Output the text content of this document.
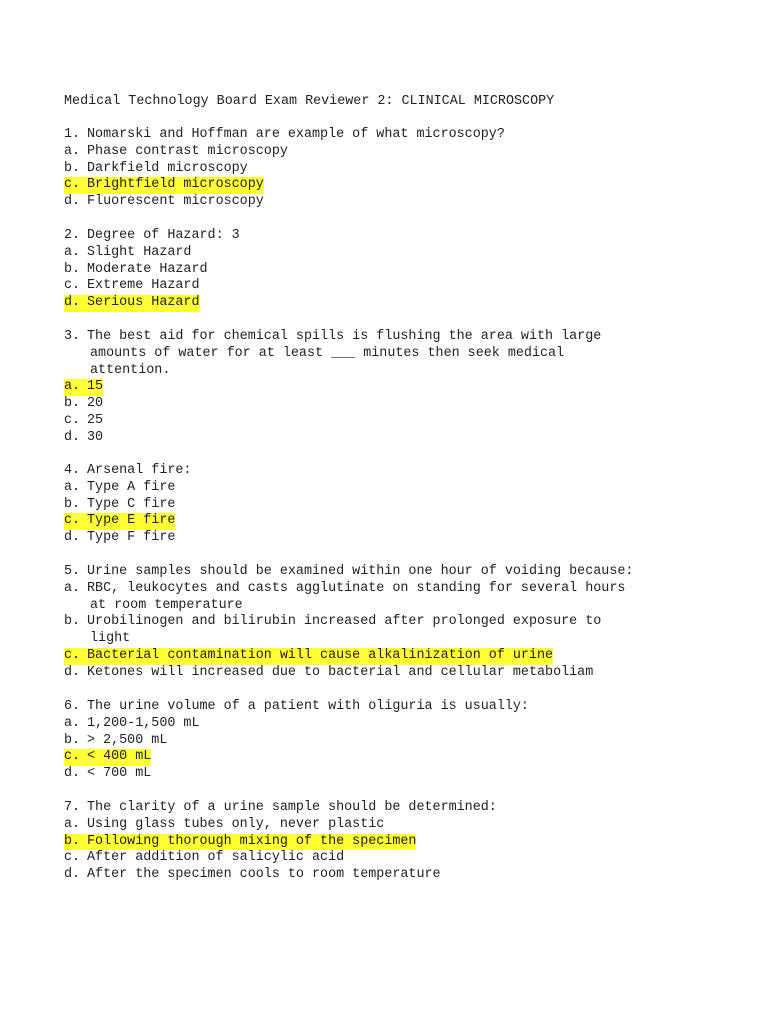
Medical Technology Board Exam Reviewer 2: CLINICAL MICROSCOPY
1. Nomarski and Hoffman are example of what microscopy?
a. Phase contrast microscopy
b. Darkfield microscopy
c. Brightfield microscopy
d. Fluorescent microscopy
2. Degree of Hazard: 3
a. Slight Hazard
b. Moderate Hazard
c. Extreme Hazard
d. Serious Hazard
3. The best aid for chemical spills is flushing the area with large
amounts of water for at least ___ minutes then seek medical
attention.
a. 15
b. 20
c. 25
d. 30
4. Arsenal fire:
a. Type A fire
b. Type C fire
c. Type E fire
d. Type F fire
5. Urine samples should be examined within one hour of voiding because:
a. RBC, leukocytes and casts agglutinate on standing for several hours
at room temperature
b. Urobilinogen and bilirubin increased after prolonged exposure to
light
c. Bacterial contamination will cause alkalinization of urine
d. Ketones will increased due to bacterial and cellular metaboliam
6. The urine volume of a patient with oliguria is usually:
a. 1,200-1,500 mL
b. > 2,500 mL
c. < 400 mL
d. < 700 mL
7. The clarity of a urine sample should be determined:
a. Using glass tubes only, never plastic
b. Following thorough mixing of the specimen
c. After addition of salicylic acid
d. After the specimen cools to room temperature
